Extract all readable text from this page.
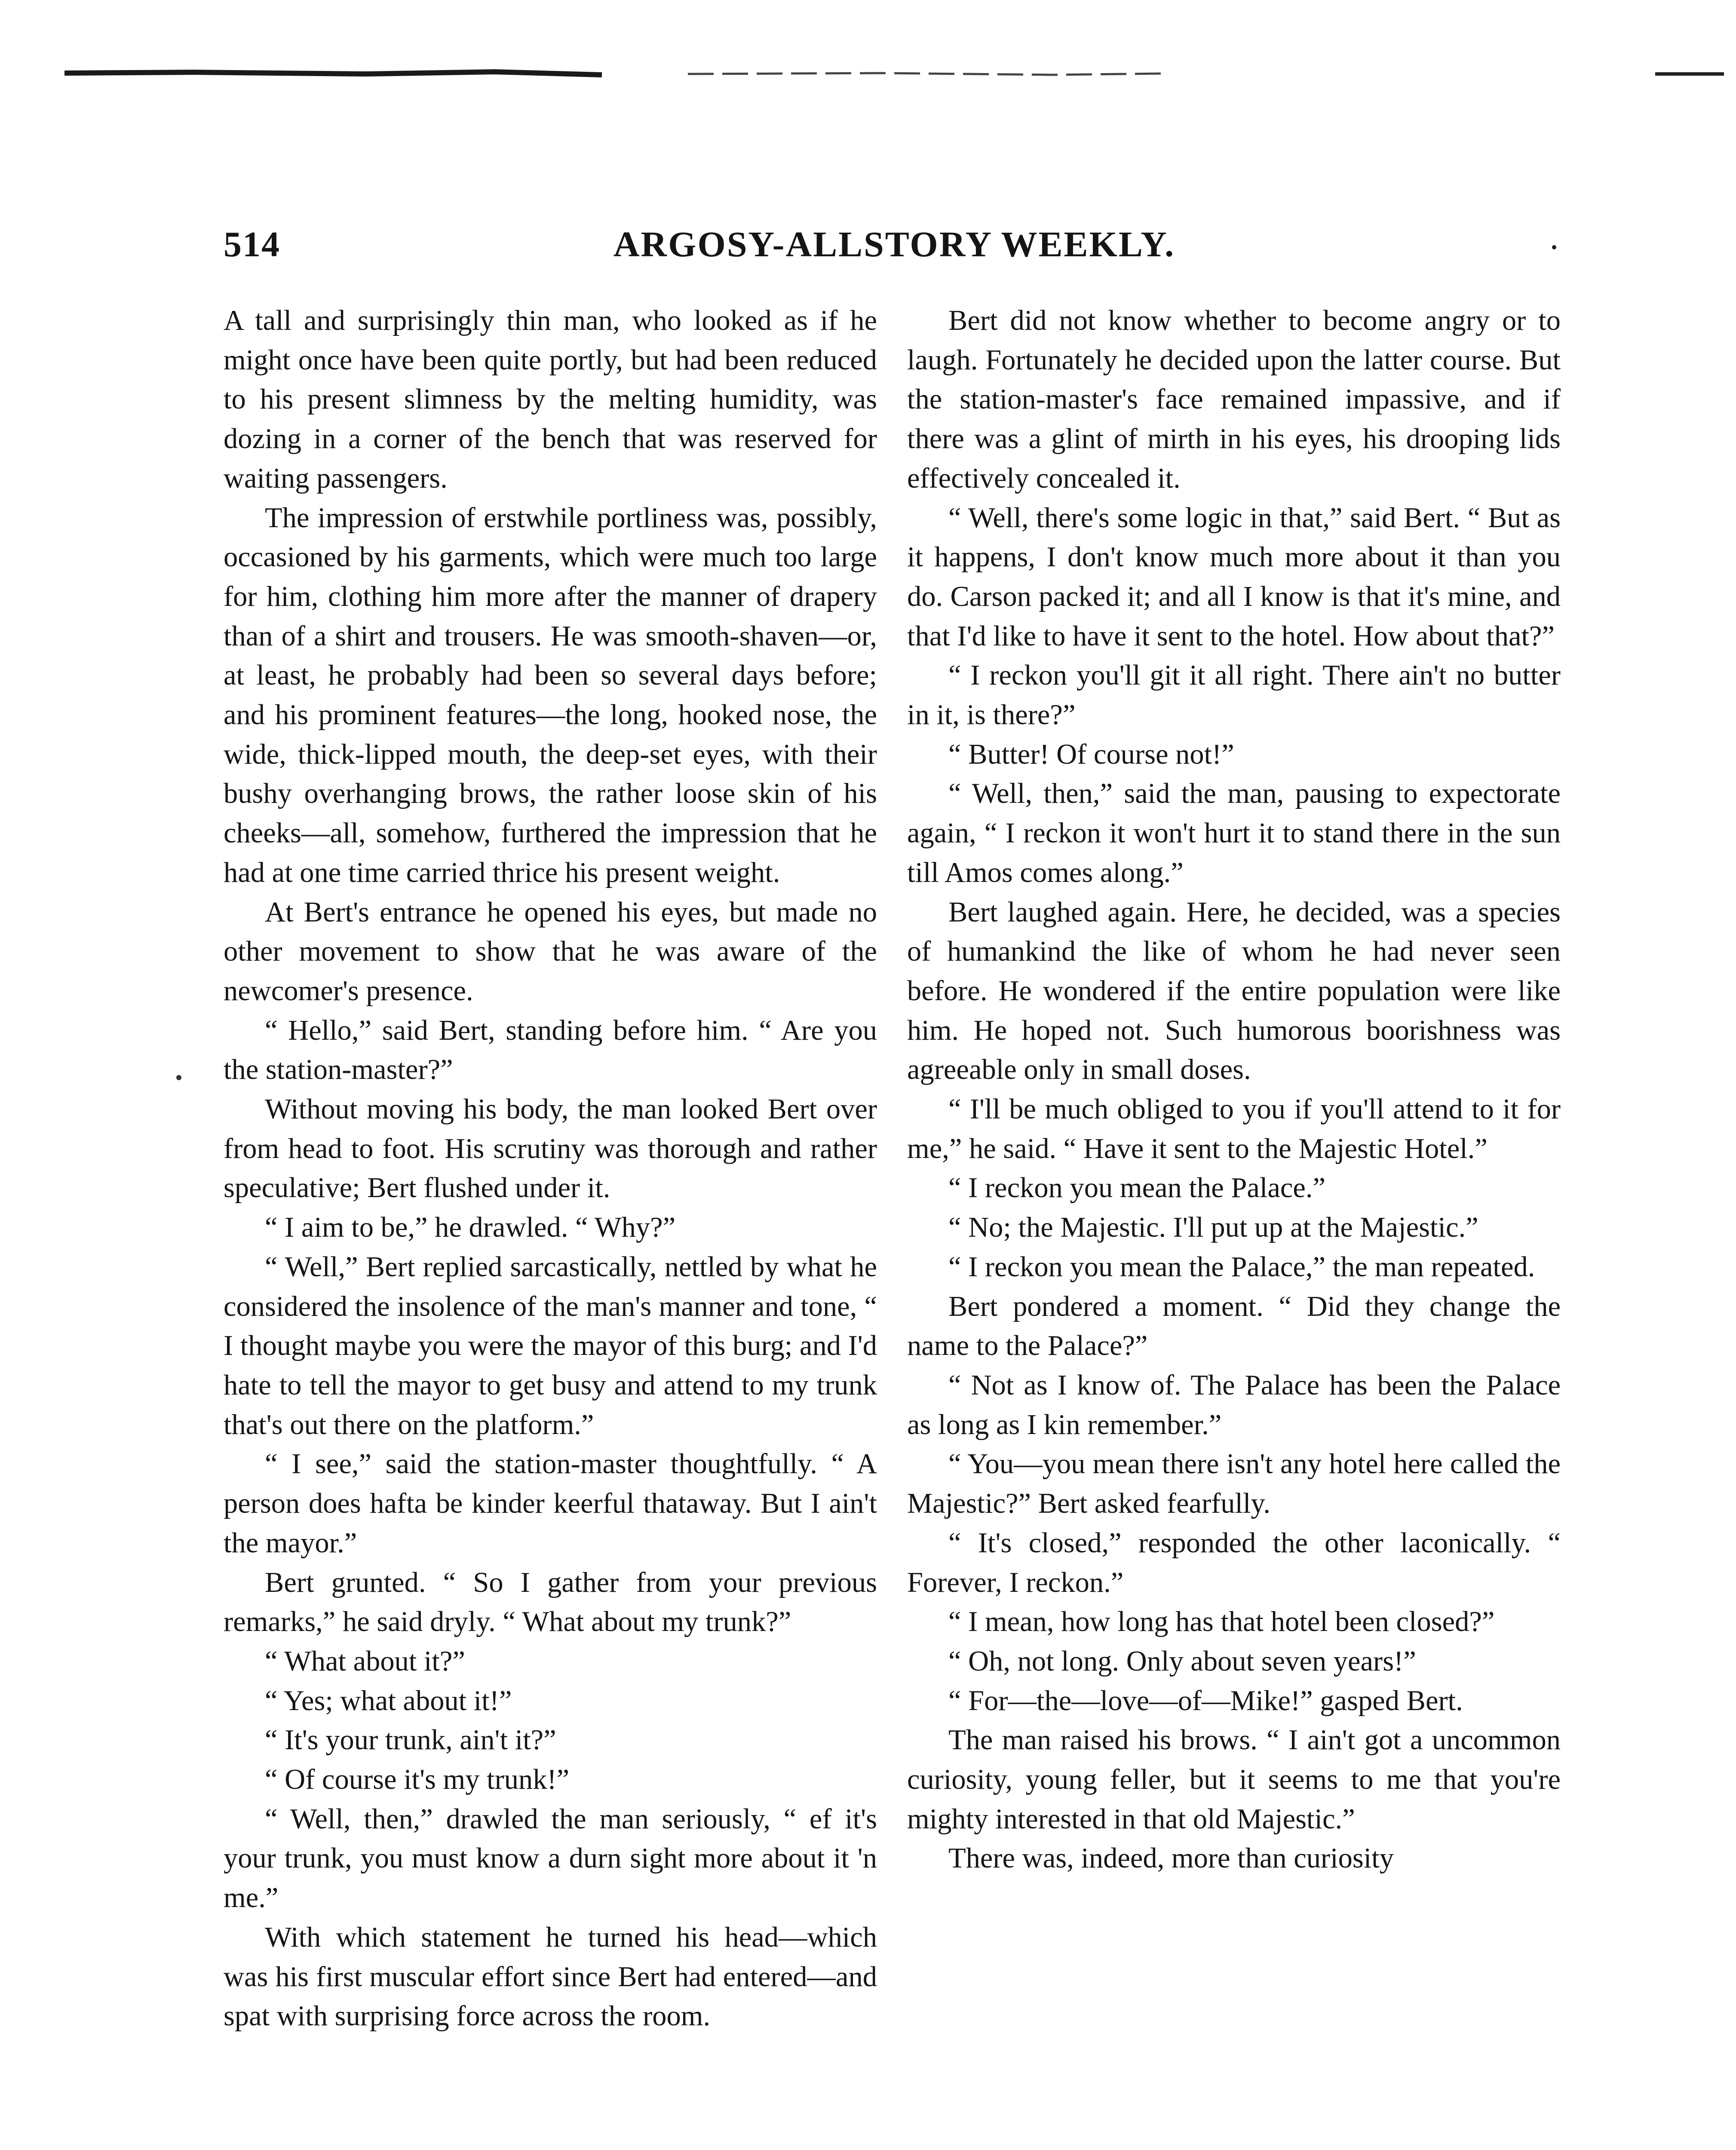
514	ARGOSY-ALLSTORY WEEKLY.

A tall and surprisingly thin man, who looked as if he might once have been quite portly, but had been reduced to his present slimness by the melting humidity, was dozing in a corner of the bench that was reserved for waiting passengers.

The impression of erstwhile portliness was, possibly, occasioned by his garments, which were much too large for him, clothing him more after the manner of drapery than of a shirt and trousers. He was smooth-shaven—or, at least, he probably had been so several days before; and his prominent features—the long, hooked nose, the wide, thick-lipped mouth, the deep-set eyes, with their bushy overhanging brows, the rather loose skin of his cheeks—all, somehow, furthered the impression that he had at one time carried thrice his present weight.

At Bert's entrance he opened his eyes, but made no other movement to show that he was aware of the newcomer's presence.

“ Hello,” said Bert, standing before him. “ Are you the station-master?”

Without moving his body, the man looked Bert over from head to foot. His scrutiny was thorough and rather speculative; Bert flushed under it.

“ I aim to be,” he drawled. “ Why?”

“ Well,” Bert replied sarcastically, nettled by what he considered the insolence of the man's manner and tone, “ I thought maybe you were the mayor of this burg; and I'd hate to tell the mayor to get busy and attend to my trunk that's out there on the platform.”

“ I see,” said the station-master thoughtfully. “ A person does hafta be kinder keerful thataway. But I ain't the mayor.”

Bert grunted. “ So I gather from your previous remarks,” he said dryly. “ What about my trunk?”

“ What about it?”

“ Yes; what about it!”

“ It's your trunk, ain't it?”

“ Of course it's my trunk!”

“ Well, then,” drawled the man seriously, “ ef it's your trunk, you must know a durn sight more about it 'n me.”

With which statement he turned his head—which was his first muscular effort since Bert had entered—and spat with surprising force across the room.

Bert did not know whether to become angry or to laugh. Fortunately he decided upon the latter course. But the station-master's face remained impassive, and if there was a glint of mirth in his eyes, his drooping lids effectively concealed it.

“ Well, there's some logic in that,” said Bert. “ But as it happens, I don't know much more about it than you do. Carson packed it; and all I know is that it's mine, and that I'd like to have it sent to the hotel. How about that?”

“ I reckon you'll git it all right. There ain't no butter in it, is there?”

“ Butter! Of course not!”

“ Well, then,” said the man, pausing to expectorate again, “ I reckon it won't hurt it to stand there in the sun till Amos comes along.”

Bert laughed again. Here, he decided, was a species of humankind the like of whom he had never seen before. He wondered if the entire population were like him. He hoped not. Such humorous boorishness was agreeable only in small doses.

“ I'll be much obliged to you if you'll attend to it for me,” he said. “ Have it sent to the Majestic Hotel.”

“ I reckon you mean the Palace.”

“ No; the Majestic. I'll put up at the Majestic.”

“ I reckon you mean the Palace,” the man repeated.

Bert pondered a moment. “ Did they change the name to the Palace?”

“ Not as I know of. The Palace has been the Palace as long as I kin remember.”

“ You—you mean there isn't any hotel here called the Majestic?” Bert asked fearfully.

“ It's closed,” responded the other laconically. “ Forever, I reckon.”

“ I mean, how long has that hotel been closed?”

“ Oh, not long. Only about seven years!”

“ For—the—love—of—Mike!” gasped Bert.

The man raised his brows. “ I ain't got a uncommon curiosity, young feller, but it seems to me that you're mighty interested in that old Majestic.”

There was, indeed, more than curiosity
